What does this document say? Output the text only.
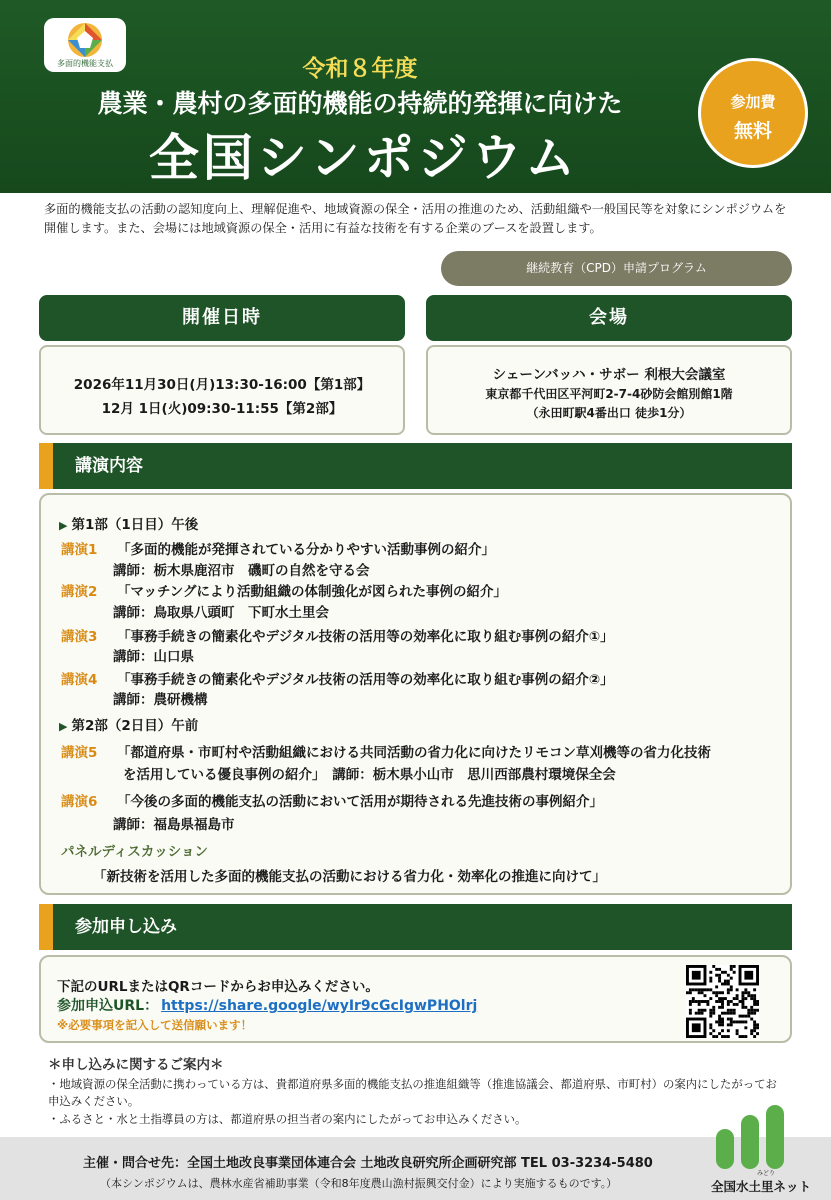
多面的機能支払	令和８年度
農業・農村の多面的機能の持続的発揮に向けた
全国シンポジウム
参加費
無料
多面的機能支払の活動の認知度向上、理解促進や、地域資源の保全・活用の推進のため、活動組織や一般国民等を対象にシンポジウムを開催します。また、会場には地域資源の保全・活用に有益な技術を有する企業のブースを設置します。
継続教育（CPD）申請プログラム
開催日時	会場
2026年11月30日(月)13:30-16:00【第1部】
12月 1日(火)09:30-11:55【第2部】
シェーンバッハ・サボー 利根大会議室
東京都千代田区平河町2-7-4砂防会館別館1階
（永田町駅4番出口 徒歩1分）
講演内容
▶ 第1部（1日目）午後
講演1 「多面的機能が発揮されている分かりやすい活動事例の紹介」
講師：栃木県鹿沼市　磯町の自然を守る会
講演2 「マッチングにより活動組織の体制強化が図られた事例の紹介」
講師：鳥取県八頭町　下町水土里会
講演3 「事務手続きの簡素化やデジタル技術の活用等の効率化に取り組む事例の紹介①」
講師：山口県
講演4 「事務手続きの簡素化やデジタル技術の活用等の効率化に取り組む事例の紹介②」
講師：農研機構
▶ 第2部（2日目）午前
講演5 「都道府県・市町村や活動組織における共同活動の省力化に向けたリモコン草刈機等の省力化技術
を活用している優良事例の紹介」　講師：栃木県小山市　思川西部農村環境保全会
講演6 「今後の多面的機能支払の活動において活用が期待される先進技術の事例紹介」
講師：福島県福島市
パネルディスカッション
「新技術を活用した多面的機能支払の活動における省力化・効率化の推進に向けて」
参加申し込み
下記のURLまたはQRコードからお申込みください。
参加申込URL： https://share.google/wyIr9cGcIgwPHOlrj
※必要事項を記入して送信願います！
＊申し込みに関するご案内＊
・地域資源の保全活動に携わっている方は、貴都道府県多面的機能支払の推進組織等（推進協議会、都道府県、市町村）の案内にしたがってお申込みください。
・ふるさと・水と土指導員の方は、都道府県の担当者の案内にしたがってお申込みください。
主催・問合せ先：全国土地改良事業団体連合会 土地改良研究所企画研究部 TEL 03-3234-5480
（本シンポジウムは、農林水産省補助事業（令和8年度農山漁村振興交付金）により実施するものです。）
みどり
全国水土里ネット
